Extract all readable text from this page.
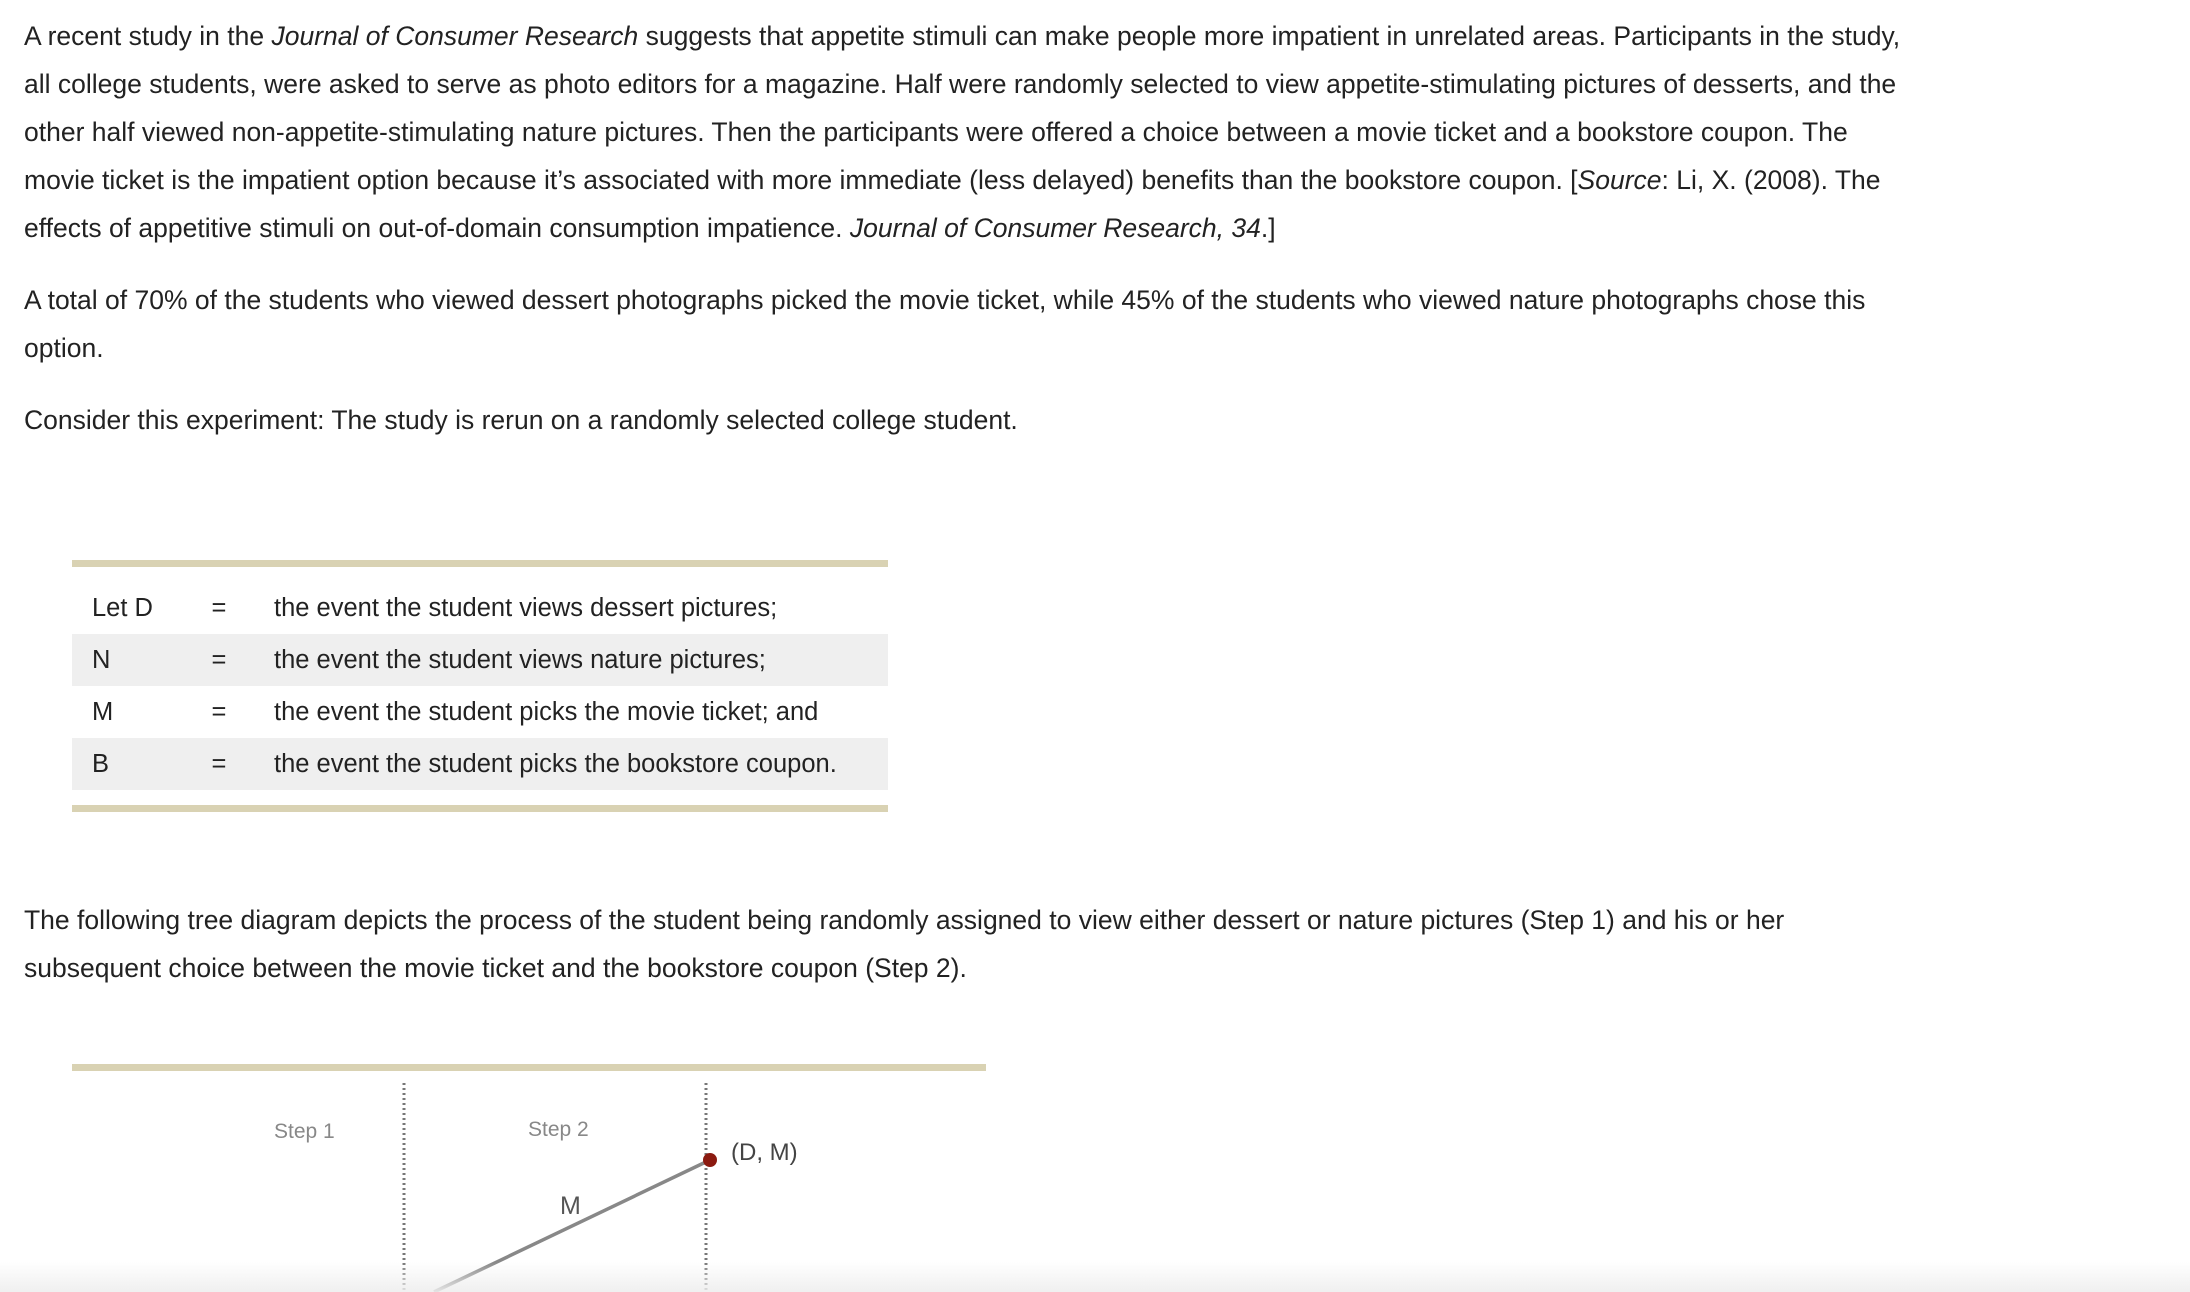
A recent study in the Journal of Consumer Research suggests that appetite stimuli can make people more impatient in unrelated areas. Participants in the study, all college students, were asked to serve as photo editors for a magazine. Half were randomly selected to view appetite-stimulating pictures of desserts, and the other half viewed non-appetite-stimulating nature pictures. Then the participants were offered a choice between a movie ticket and a bookstore coupon. The movie ticket is the impatient option because it’s associated with more immediate (less delayed) benefits than the bookstore coupon. [Source: Li, X. (2008). The effects of appetitive stimuli on out-of-domain consumption impatience. Journal of Consumer Research, 34.]

A total of 70% of the students who viewed dessert photographs picked the movie ticket, while 45% of the students who viewed nature photographs chose this option.

Consider this experiment: The study is rerun on a randomly selected college student.

Let D	=	the event the student views dessert pictures;
N	=	the event the student views nature pictures;
M	=	the event the student picks the movie ticket; and
B	=	the event the student picks the bookstore coupon.

The following tree diagram depicts the process of the student being randomly assigned to view either dessert or nature pictures (Step 1) and his or her subsequent choice between the movie ticket and the bookstore coupon (Step 2).

Step 1	Step 2
M
(D, M)
